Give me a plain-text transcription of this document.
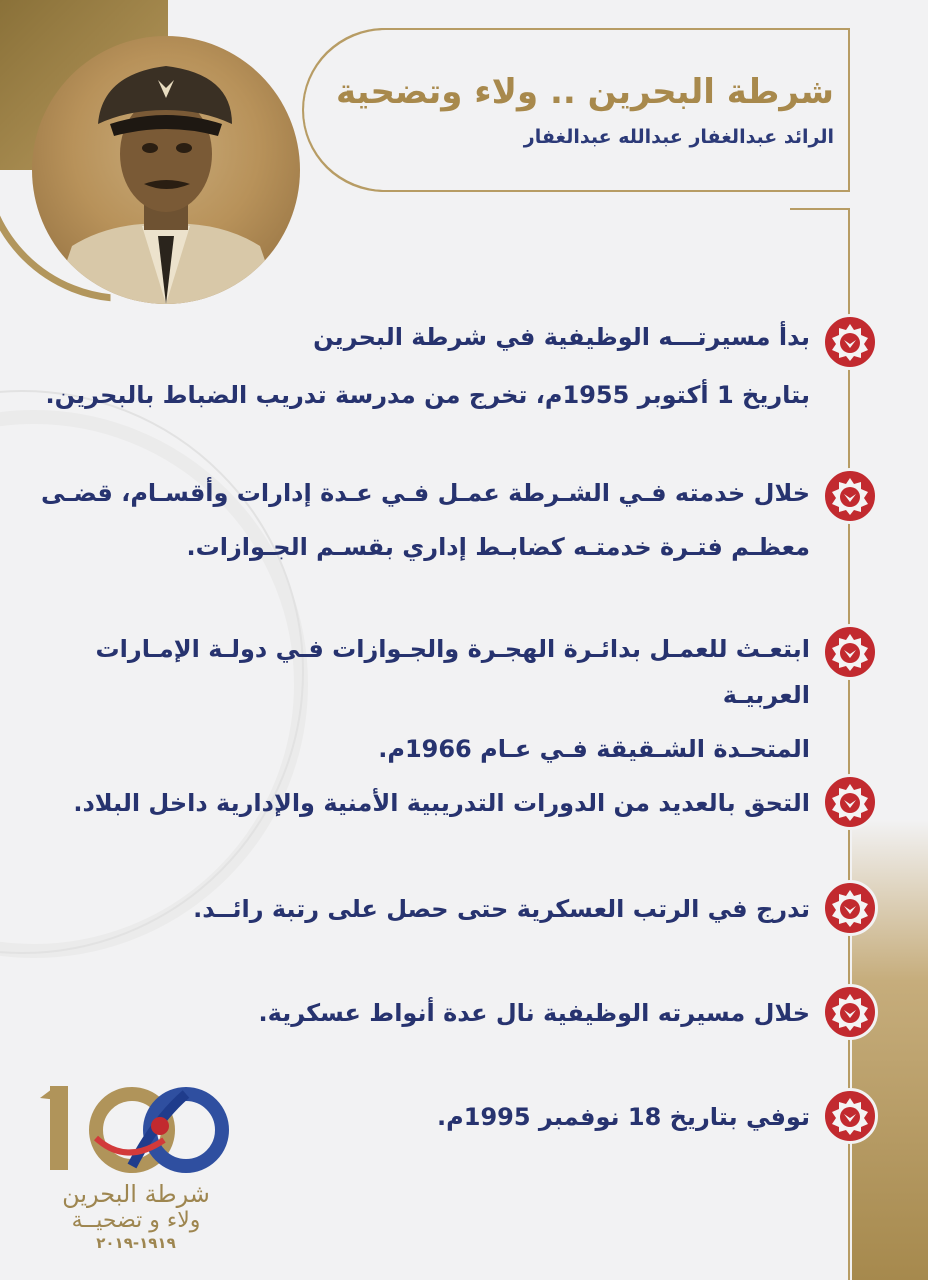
شرطة البحرين .. ولاء وتضحية
الرائد عبدالغفار عبدالله عبدالغفار
بدأ مسيرتـــه الوظيفية في شرطة البحرين
بتاريخ 1 أكتوبر 1955م، تخرج من مدرسة تدريب الضباط بالبحرين.
خلال خدمته فـي الشـرطة عمـل فـي عـدة إدارات وأقسـام، قضـى
معظـم فتـرة خدمتـه كضابـط إداري بقسـم الجـوازات.
ابتعـث للعمـل بدائـرة الهجـرة والجـوازات فـي دولـة الإمـارات العربيـة
المتحـدة الشـقيقة فـي عـام 1966م.
التحق بالعديد من الدورات التدريبية الأمنية والإدارية داخل البلاد.
تدرج في الرتب العسكرية حتى حصل على رتبة رائــد.
خلال مسيرته الوظيفية نال عدة أنواط عسكرية.
توفي بتاريخ 18 نوفمبر 1995م.
شرطة البحرين
ولاء و تضحيــة
١٩١٩-٢٠١٩
